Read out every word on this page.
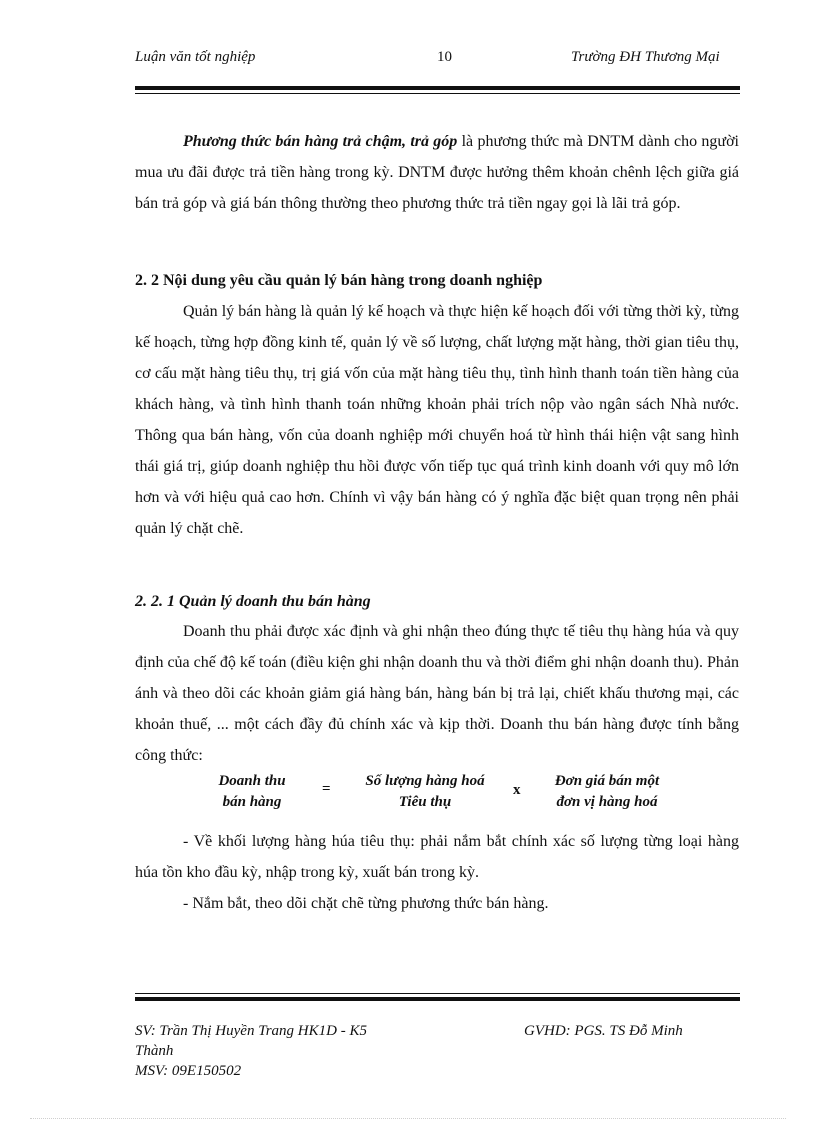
Luận văn tốt nghiệp	10	Trường ĐH Thương Mại

Phương thức bán hàng trả chậm, trả góp là phương thức mà DNTM dành cho người mua ưu đãi được trả tiền hàng trong kỳ. DNTM được hưởng thêm khoản chênh lệch giữa giá bán trả góp và giá bán thông thường theo phương thức trả tiền ngay gọi là lãi trả góp.

2. 2 Nội dung yêu cầu quản lý bán hàng trong doanh nghiệp

Quản lý bán hàng là quản lý kế hoạch và thực hiện kế hoạch đối với từng thời kỳ, từng kế hoạch, từng hợp đồng kinh tế, quản lý về số lượng, chất lượng mặt hàng, thời gian tiêu thụ, cơ cấu mặt hàng tiêu thụ, trị giá vốn của mặt hàng tiêu thụ, tình hình thanh toán tiền hàng của khách hàng, và tình hình thanh toán những khoản phải trích nộp vào ngân sách Nhà nước. Thông qua bán hàng, vốn của doanh nghiệp mới chuyển hoá từ hình thái hiện vật sang hình thái giá trị, giúp doanh nghiệp thu hồi được vốn tiếp tục quá trình kinh doanh với quy mô lớn hơn và với hiệu quả cao hơn. Chính vì vậy bán hàng có ý nghĩa đặc biệt quan trọng nên phải quản lý chặt chẽ.

2. 2. 1 Quản lý doanh thu bán hàng

Doanh thu phải được xác định và ghi nhận theo đúng thực tế tiêu thụ hàng húa và quy định của chế độ kế toán (điều kiện ghi nhận doanh thu và thời điểm ghi nhận doanh thu). Phản ánh và theo dõi các khoản giảm giá hàng bán, hàng bán bị trả lại, chiết khấu thương mại, các khoản thuế, ... một cách đầy đủ chính xác và kịp thời. Doanh thu bán hàng được tính bằng công thức:

Doanh thu
bán hàng
=	Số lượng hàng hoá
Tiêu thụ
x
Đơn giá bán một
đơn vị hàng hoá

- Về khối lượng hàng húa tiêu thụ: phải nắm bắt chính xác số lượng từng loại hàng húa tồn kho đầu kỳ, nhập trong kỳ, xuất bán trong kỳ.

- Nắm bắt, theo dõi chặt chẽ từng phương thức bán hàng.

SV: Trần Thị Huyền Trang HK1D - K5
Thành
MSV: 09E150502
GVHD: PGS. TS Đỗ Minh
